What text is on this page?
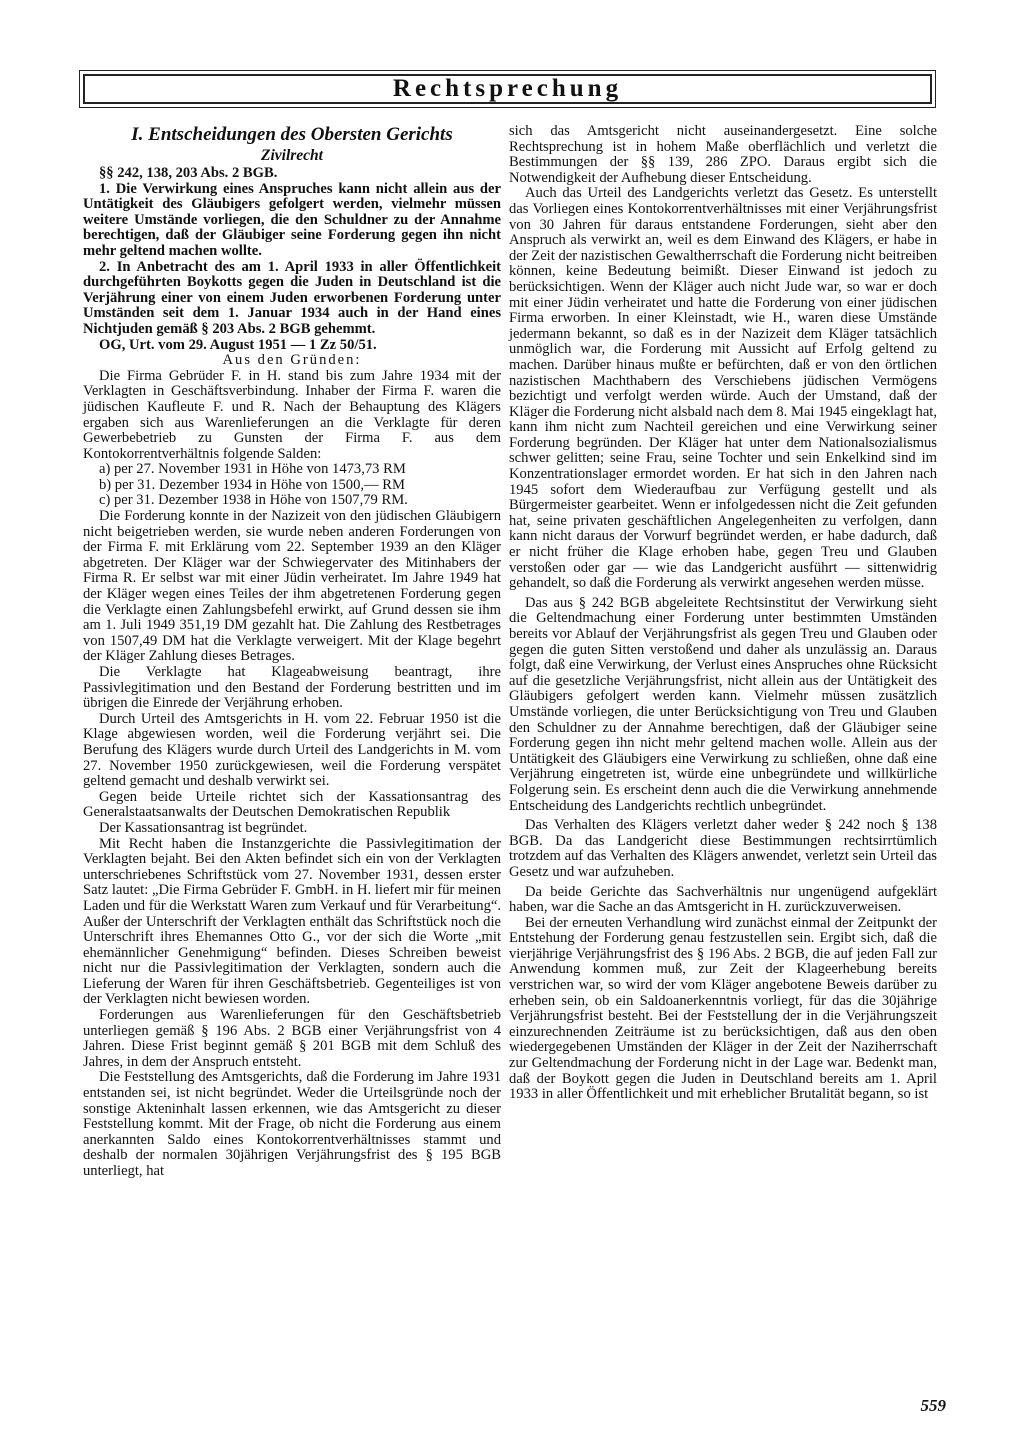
Rechtsprechung
I. Entscheidungen des Obersten Gerichts
Zivilrecht

§§ 242, 138, 203 Abs. 2 BGB.

1. Die Verwirkung eines Anspruches kann nicht allein aus der Untätigkeit des Gläubigers gefolgert werden, vielmehr müssen weitere Umstände vorliegen, die den Schuldner zu der Annahme berechtigen, daß der Gläubiger seine Forderung gegen ihn nicht mehr geltend machen wollte.

2. In Anbetracht des am 1. April 1933 in aller Öffentlichkeit durchgeführten Boykotts gegen die Juden in Deutschland ist die Verjährung einer von einem Juden erworbenen Forderung unter Umständen seit dem 1. Januar 1934 auch in der Hand eines Nichtjuden gemäß § 203 Abs. 2 BGB gehemmt.

OG, Urt. vom 29. August 1951 — 1 Zz 50/51.

Aus den Gründen:

Die Firma Gebrüder F. in H. stand bis zum Jahre 1934 mit der Verklagten in Geschäftsverbindung. Inhaber der Firma F. waren die jüdischen Kaufleute F. und R. Nach der Behauptung des Klägers ergaben sich aus Warenlieferungen an die Verklagte für deren Gewerbebetrieb zu Gunsten der Firma F. aus dem Kontokorrentverhältnis folgende Salden:

a) per 27. November 1931 in Höhe von 1473,73 RM

b) per 31. Dezember 1934 in Höhe von 1500,— RM

c) per 31. Dezember 1938 in Höhe von 1507,79 RM.

Die Forderung konnte in der Nazizeit von den jüdischen Gläubigern nicht beigetrieben werden, sie wurde neben anderen Forderungen von der Firma F. mit Erklärung vom 22. September 1939 an den Kläger abgetreten. Der Kläger war der Schwiegervater des Mitinhabers der Firma R. Er selbst war mit einer Jüdin verheiratet. Im Jahre 1949 hat der Kläger wegen eines Teiles der ihm abgetretenen Forderung gegen die Verklagte einen Zahlungsbefehl erwirkt, auf Grund dessen sie ihm am 1. Juli 1949 351,19 DM gezahlt hat. Die Zahlung des Restbetrages von 1507,49 DM hat die Verklagte verweigert. Mit der Klage begehrt der Kläger Zahlung dieses Betrages.

Die Verklagte hat Klageabweisung beantragt, ihre Passivlegitimation und den Bestand der Forderung bestritten und im übrigen die Einrede der Verjährung erhoben.

Durch Urteil des Amtsgerichts in H. vom 22. Februar 1950 ist die Klage abgewiesen worden, weil die Forderung verjährt sei. Die Berufung des Klägers wurde durch Urteil des Landgerichts in M. vom 27. November 1950 zurückgewiesen, weil die Forderung verspätet geltend gemacht und deshalb verwirkt sei.

Gegen beide Urteile richtet sich der Kassationsantrag des Generalstaatsanwalts der Deutschen Demokratischen Republik

Der Kassationsantrag ist begründet.

Mit Recht haben die Instanzgerichte die Passivlegitimation der Verklagten bejaht. Bei den Akten befindet sich ein von der Verklagten unterschriebenes Schriftstück vom 27. November 1931, dessen erster Satz lautet: „Die Firma Gebrüder F. GmbH. in H. liefert mir für meinen Laden und für die Werkstatt Waren zum Verkauf und für Verarbeitung“. Außer der Unterschrift der Verklagten enthält das Schriftstück noch die Unterschrift ihres Ehemannes Otto G., vor der sich die Worte „mit ehemännlicher Genehmigung“ befinden. Dieses Schreiben beweist nicht nur die Passivlegitimation der Verklagten, sondern auch die Lieferung der Waren für ihren Geschäftsbetrieb. Gegenteiliges ist von der Verklagten nicht bewiesen worden.

Forderungen aus Warenlieferungen für den Geschäftsbetrieb unterliegen gemäß § 196 Abs. 2 BGB einer Verjährungsfrist von 4 Jahren. Diese Frist beginnt gemäß § 201 BGB mit dem Schluß des Jahres, in dem der Anspruch entsteht.

Die Feststellung des Amtsgerichts, daß die Forderung im Jahre 1931 entstanden sei, ist nicht begründet. Weder die Urteilsgründe noch der sonstige Akteninhalt lassen erkennen, wie das Amtsgericht zu dieser Feststellung kommt. Mit der Frage, ob nicht die Forderung aus einem anerkannten Saldo eines Kontokorrentverhältnisses stammt und deshalb der normalen 30jährigen Verjährungsfrist des § 195 BGB unterliegt, hat

sich das Amtsgericht nicht auseinandergesetzt. Eine solche Rechtsprechung ist in hohem Maße oberflächlich und verletzt die Bestimmungen der §§ 139, 286 ZPO. Daraus ergibt sich die Notwendigkeit der Aufhebung dieser Entscheidung.

Auch das Urteil des Landgerichts verletzt das Gesetz. Es unterstellt das Vorliegen eines Kontokorrentverhältnisses mit einer Verjährungsfrist von 30 Jahren für daraus entstandene Forderungen, sieht aber den Anspruch als verwirkt an, weil es dem Einwand des Klägers, er habe in der Zeit der nazistischen Gewaltherrschaft die Forderung nicht beitreiben können, keine Bedeutung beimißt. Dieser Einwand ist jedoch zu berücksichtigen. Wenn der Kläger auch nicht Jude war, so war er doch mit einer Jüdin verheiratet und hatte die Forderung von einer jüdischen Firma erworben. In einer Kleinstadt, wie H., waren diese Umstände jedermann bekannt, so daß es in der Nazizeit dem Kläger tatsächlich unmöglich war, die Forderung mit Aussicht auf Erfolg geltend zu machen. Darüber hinaus mußte er befürchten, daß er von den örtlichen nazistischen Machthabern des Verschiebens jüdischen Vermögens bezichtigt und verfolgt werden würde. Auch der Umstand, daß der Kläger die Forderung nicht alsbald nach dem 8. Mai 1945 eingeklagt hat, kann ihm nicht zum Nachteil gereichen und eine Verwirkung seiner Forderung begründen. Der Kläger hat unter dem Nationalsozialismus schwer gelitten; seine Frau, seine Tochter und sein Enkelkind sind im Konzentrationslager ermordet worden. Er hat sich in den Jahren nach 1945 sofort dem Wiederaufbau zur Verfügung gestellt und als Bürgermeister gearbeitet. Wenn er infolgedessen nicht die Zeit gefunden hat, seine privaten geschäftlichen Angelegenheiten zu verfolgen, dann kann nicht daraus der Vorwurf begründet werden, er habe dadurch, daß er nicht früher die Klage erhoben habe, gegen Treu und Glauben verstoßen oder gar — wie das Landgericht ausführt — sittenwidrig gehandelt, so daß die Forderung als verwirkt angesehen werden müsse.

Das aus § 242 BGB abgeleitete Rechtsinstitut der Verwirkung sieht die Geltendmachung einer Forderung unter bestimmten Umständen bereits vor Ablauf der Verjährungsfrist als gegen Treu und Glauben oder gegen die guten Sitten verstoßend und daher als unzulässig an. Daraus folgt, daß eine Verwirkung, der Verlust eines Anspruches ohne Rücksicht auf die gesetzliche Verjährungsfrist, nicht allein aus der Untätigkeit des Gläubigers gefolgert werden kann. Vielmehr müssen zusätzlich Umstände vorliegen, die unter Berücksichtigung von Treu und Glauben den Schuldner zu der Annahme berechtigen, daß der Gläubiger seine Forderung gegen ihn nicht mehr geltend machen wolle. Allein aus der Untätigkeit des Gläubigers eine Verwirkung zu schließen, ohne daß eine Verjährung eingetreten ist, würde eine unbegründete und willkürliche Folgerung sein. Es erscheint denn auch die die Verwirkung annehmende Entscheidung des Landgerichts rechtlich unbegründet.

Das Verhalten des Klägers verletzt daher weder § 242 noch § 138 BGB. Da das Landgericht diese Bestimmungen rechtsirrtümlich trotzdem auf das Verhalten des Klägers anwendet, verletzt sein Urteil das Gesetz und war aufzuheben.

Da beide Gerichte das Sachverhältnis nur ungenügend aufgeklärt haben, war die Sache an das Amtsgericht in H. zurückzuverweisen.

Bei der erneuten Verhandlung wird zunächst einmal der Zeitpunkt der Entstehung der Forderung genau festzustellen sein. Ergibt sich, daß die vierjährige Verjährungsfrist des § 196 Abs. 2 BGB, die auf jeden Fall zur Anwendung kommen muß, zur Zeit der Klageerhebung bereits verstrichen war, so wird der vom Kläger angebotene Beweis darüber zu erheben sein, ob ein Saldoanerkenntnis vorliegt, für das die 30jährige Verjährungsfrist besteht. Bei der Feststellung der in die Verjährungszeit einzurechnenden Zeiträume ist zu berücksichtigen, daß aus den oben wiedergegebenen Umständen der Kläger in der Zeit der Naziherrschaft zur Geltendmachung der Forderung nicht in der Lage war. Bedenkt man, daß der Boykott gegen die Juden in Deutschland bereits am 1. April 1933 in aller Öffentlichkeit und mit erheblicher Brutalität begann, so ist

559
